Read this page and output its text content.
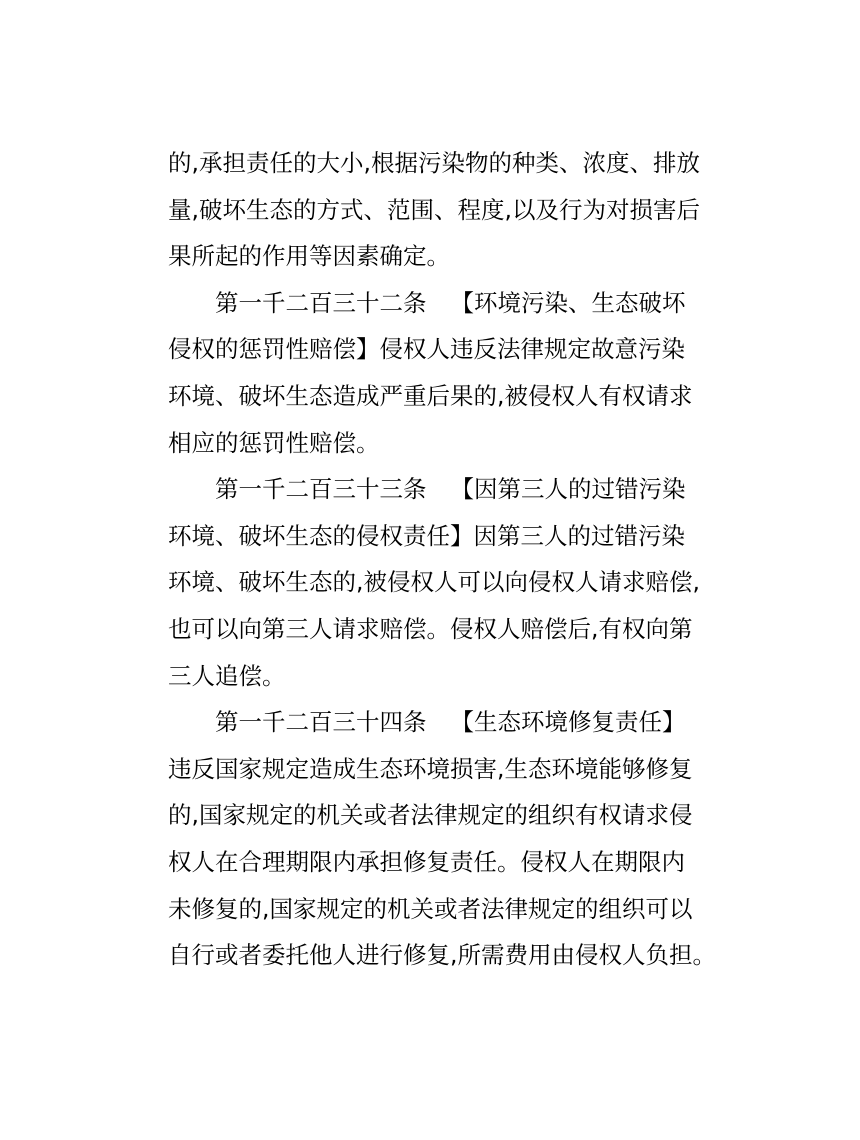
的,承担责任的大小,根据污染物的种类、浓度、排放
量,破坏生态的方式、范围、程度,以及行为对损害后
果所起的作用等因素确定。
第一千二百三十二条 【环境污染、生态破坏
侵权的惩罚性赔偿】侵权人违反法律规定故意污染
环境、破坏生态造成严重后果的,被侵权人有权请求
相应的惩罚性赔偿。
第一千二百三十三条 【因第三人的过错污染
环境、破坏生态的侵权责任】因第三人的过错污染
环境、破坏生态的,被侵权人可以向侵权人请求赔偿,
也可以向第三人请求赔偿。侵权人赔偿后,有权向第
三人追偿。
第一千二百三十四条 【生态环境修复责任】
违反国家规定造成生态环境损害,生态环境能够修复
的,国家规定的机关或者法律规定的组织有权请求侵
权人在合理期限内承担修复责任。侵权人在期限内
未修复的,国家规定的机关或者法律规定的组织可以
自行或者委托他人进行修复,所需费用由侵权人负担。
